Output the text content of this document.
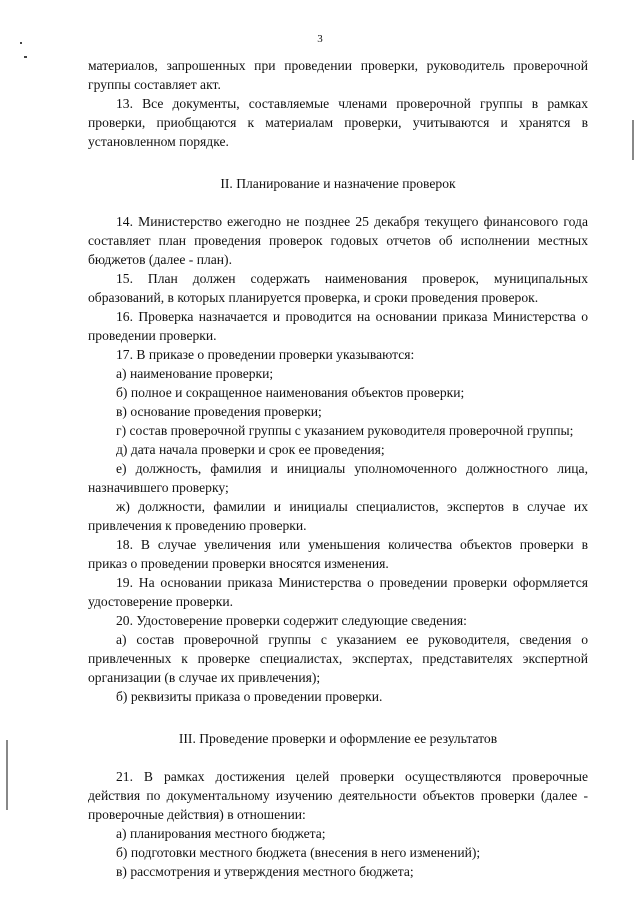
3

материалов, запрошенных при проведении проверки, руководитель проверочной группы составляет акт.

13. Все документы, составляемые членами проверочной группы в рамках проверки, приобщаются к материалам проверки, учитываются и хранятся в установленном порядке.

II. Планирование и назначение проверок

14. Министерство ежегодно не позднее 25 декабря текущего финансового года составляет план проведения проверок годовых отчетов об исполнении местных бюджетов (далее - план).

15. План должен содержать наименования проверок, муниципальных образований, в которых планируется проверка, и сроки проведения проверок.

16. Проверка назначается и проводится на основании приказа Министерства о проведении проверки.

17. В приказе о проведении проверки указываются:

а) наименование проверки;

б) полное и сокращенное наименования объектов проверки;

в) основание проведения проверки;

г) состав проверочной группы с указанием руководителя проверочной группы;

д) дата начала проверки и срок ее проведения;

е) должность, фамилия и инициалы уполномоченного должностного лица, назначившего проверку;

ж) должности, фамилии и инициалы специалистов, экспертов в случае их привлечения к проведению проверки.

18. В случае увеличения или уменьшения количества объектов проверки в приказ о проведении проверки вносятся изменения.

19. На основании приказа Министерства о проведении проверки оформляется удостоверение проверки.

20. Удостоверение проверки содержит следующие сведения:

а) состав проверочной группы с указанием ее руководителя, сведения о привлеченных к проверке специалистах, экспертах, представителях экспертной организации (в случае их привлечения);

б) реквизиты приказа о проведении проверки.

III. Проведение проверки и оформление ее результатов

21. В рамках достижения целей проверки осуществляются проверочные действия по документальному изучению деятельности объектов проверки (далее - проверочные действия) в отношении:

а) планирования местного бюджета;

б) подготовки местного бюджета (внесения в него изменений);

в) рассмотрения и утверждения местного бюджета;
